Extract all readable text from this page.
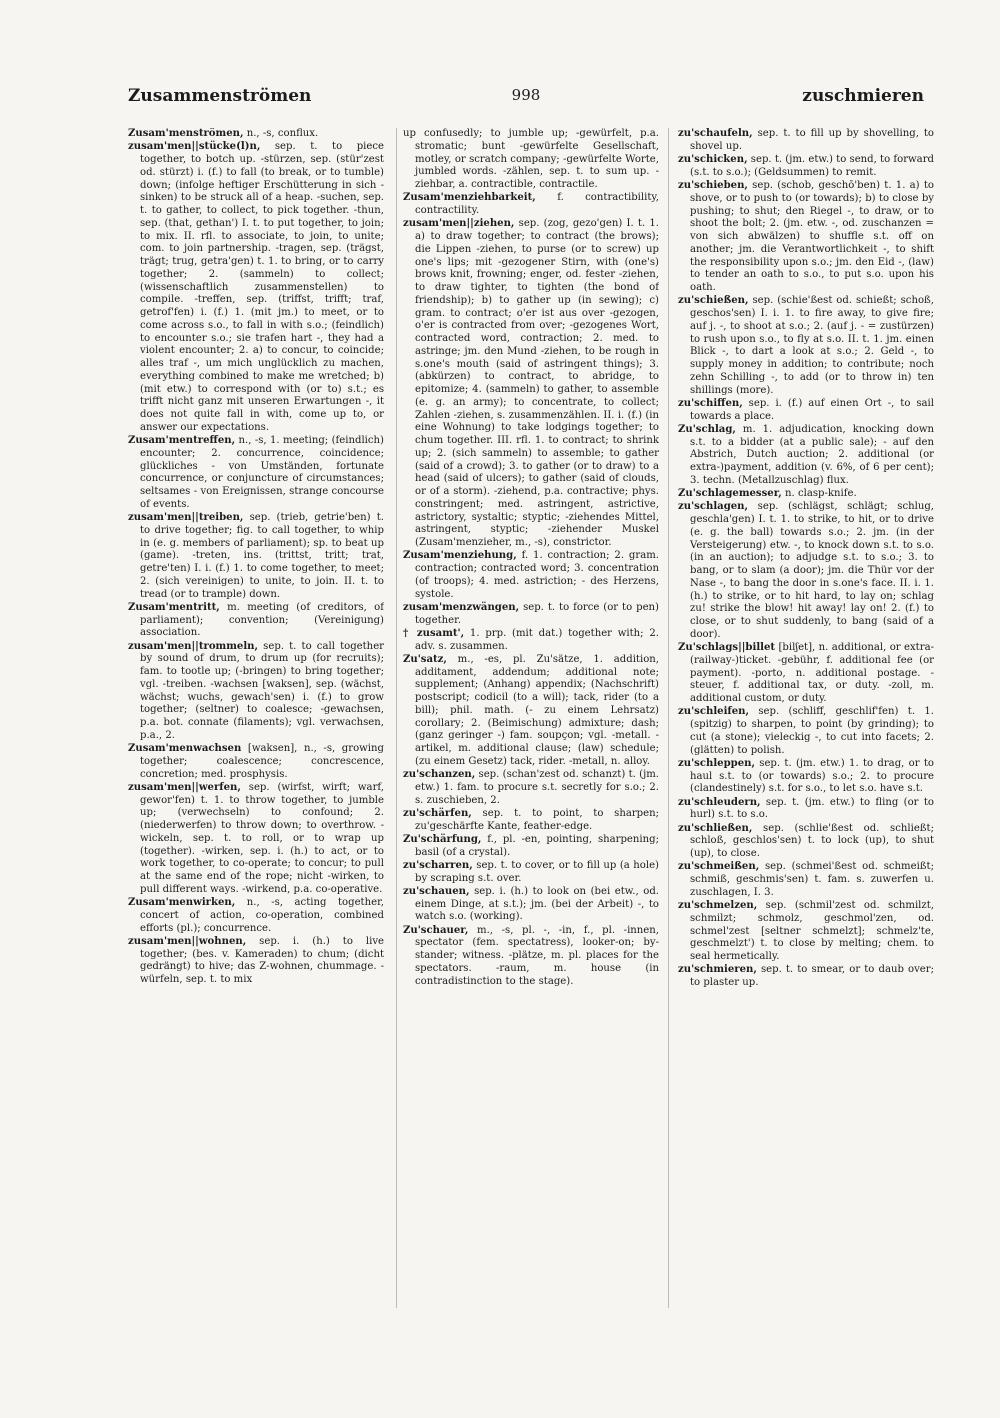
Zusammenströmen	998	zuschmieren

Zusam'menströmen, n., -s, conflux.

zusam'men||stücke(l)n, sep. t. to piece together, to botch up. -stürzen, sep. (stür'zest od. stürzt) i. (f.) to fall (to break, or to tumble) down; (infolge heftiger Erschütterung in sich -sinken) to be struck all of a heap. -suchen, sep. t. to gather, to collect, to pick together. -thun, sep. (that, gethan') I. t. to put together, to join; to mix. II. rfl. to associate, to join, to unite; com. to join partnership. -tragen, sep. (trägst, trägt; trug, getra'gen) t. 1. to bring, or to carry together; 2. (sammeln) to collect; (wissenschaftlich zusammenstellen) to compile. -treffen, sep. (triffst, trifft; traf, getrof'fen) i. (f.) 1. (mit jm.) to meet, or to come across s.o., to fall in with s.o.; (feindlich) to encounter s.o.; sie trafen hart -, they had a violent encounter; 2. a) to concur, to coincide; alles traf -, um mich unglücklich zu machen, everything combined to make me wretched; b) (mit etw.) to correspond with (or to) s.t.; es trifft nicht ganz mit unseren Erwartungen -, it does not quite fall in with, come up to, or answer our expectations.

Zusam'mentreffen, n., -s, 1. meeting; (feindlich) encounter; 2. concurrence, coincidence; glückliches - von Umständen, fortunate concurrence, or conjuncture of circumstances; seltsames - von Ereignissen, strange concourse of events.

zusam'men||treiben, sep. (trieb, getrie'ben) t. to drive together; fig. to call together, to whip in (e. g. members of parliament); sp. to beat up (game). -treten, ins. (trittst, tritt; trat, getre'ten) I. i. (f.) 1. to come together, to meet; 2. (sich vereinigen) to unite, to join. II. t. to tread (or to trample) down.

Zusam'mentritt, m. meeting (of creditors, of parliament); convention; (Vereinigung) association.

zusam'men||trommeln, sep. t. to call together by sound of drum, to drum up (for recruits); fam. to tootle up; (-bringen) to bring together; vgl. -treiben. -wachsen [waksen], sep. (wächst, wächst; wuchs, gewach'sen) i. (f.) to grow together; (seltner) to coalesce; -gewachsen, p.a. bot. connate (filaments); vgl. verwachsen, p.a., 2.

Zusam'menwachsen [waksen], n., -s, growing together; coalescence; concrescence, concretion; med. prosphysis.

zusam'men||werfen, sep. (wirfst, wirft; warf, gewor'fen) t. 1. to throw together, to jumble up; (verwechseln) to confound; 2. (niederwerfen) to throw down; to overthrow. -wickeln, sep. t. to roll, or to wrap up (together). -wirken, sep. i. (h.) to act, or to work together, to co-operate; to concur; to pull at the same end of the rope; nicht -wirken, to pull different ways. -wirkend, p.a. co-operative.

Zusam'menwirken, n., -s, acting together, concert of action, co-operation, combined efforts (pl.); concurrence.

zusam'men||wohnen, sep. i. (h.) to live together; (bes. v. Kameraden) to chum; (dicht gedrängt) to hive; das Z-wohnen, chummage. -würfeln, sep. t. to mix

up confusedly; to jumble up; -gewürfelt, p.a. stromatic; bunt -gewürfelte Gesellschaft, motley, or scratch company; -gewürfelte Worte, jumbled words. -zählen, sep. t. to sum up. -ziehbar, a. contractible, contractile.

Zusam'menziehbarkeit, f. contractibility, contractility.

zusam'men||ziehen, sep. (zog, gezo'gen) I. t. 1. a) to draw together; to contract (the brows); die Lippen -ziehen, to purse (or to screw) up one's lips; mit -gezogener Stirn, with (one's) brows knit, frowning; enger, od. fester -ziehen, to draw tighter, to tighten (the bond of friendship); b) to gather up (in sewing); c) gram. to contract; o'er ist aus over -gezogen, o'er is contracted from over; -gezogenes Wort, contracted word, contraction; 2. med. to astringe; jm. den Mund -ziehen, to be rough in s.one's mouth (said of astringent things); 3. (abkürzen) to contract, to abridge, to epitomize; 4. (sammeln) to gather, to assemble (e. g. an army); to concentrate, to collect; Zahlen -ziehen, s. zusammenzählen. II. i. (f.) (in eine Wohnung) to take lodgings together; to chum together. III. rfl. 1. to contract; to shrink up; 2. (sich sammeln) to assemble; to gather (said of a crowd); 3. to gather (or to draw) to a head (said of ulcers); to gather (said of clouds, or of a storm). -ziehend, p.a. contractive; phys. constringent; med. astringent, astrictive, astrictory, systaltic; styptic; -ziehendes Mittel, astringent, styptic; -ziehender Muskel (Zusam'menzieher, m., -s), constrictor.

Zusam'menziehung, f. 1. contraction; 2. gram. contraction; contracted word; 3. concentration (of troops); 4. med. astriction; - des Herzens, systole.

zusam'menzwängen, sep. t. to force (or to pen) together.

† zusamt', 1. prp. (mit dat.) together with; 2. adv. s. zusammen.

Zu'satz, m., -es, pl. Zu'sätze, 1. addition, additament, addendum; additional note; supplement; (Anhang) appendix; (Nachschrift) postscript; codicil (to a will); tack, rider (to a bill); phil. math. (- zu einem Lehrsatz) corollary; 2. (Beimischung) admixture; dash; (ganz geringer -) fam. soupçon; vgl. -metall. -artikel, m. additional clause; (law) schedule; (zu einem Gesetz) tack, rider. -metall, n. alloy.

zu'schanzen, sep. (schan'zest od. schanzt) t. (jm. etw.) 1. fam. to procure s.t. secretly for s.o.; 2. s. zuschieben, 2.

zu'schärfen, sep. t. to point, to sharpen; zu'geschärfte Kante, feather-edge.

Zu'schärfung, f., pl. -en, pointing, sharpening; basil (of a crystal).

zu'scharren, sep. t. to cover, or to fill up (a hole) by scraping s.t. over.

zu'schauen, sep. i. (h.) to look on (bei etw., od. einem Dinge, at s.t.); jm. (bei der Arbeit) -, to watch s.o. (working).

Zu'schauer, m., -s, pl. -, -in, f., pl. -innen, spectator (fem. spectatress), looker-on; by-stander; witness. -plätze, m. pl. places for the spectators. -raum, m. house (in contradistinction to the stage).

zu'schaufeln, sep. t. to fill up by shovelling, to shovel up.

zu'schicken, sep. t. (jm. etw.) to send, to forward (s.t. to s.o.); (Geldsummen) to remit.

zu'schieben, sep. (schob, geschō'ben) t. 1. a) to shove, or to push to (or towards); b) to close by pushing; to shut; den Riegel -, to draw, or to shoot the bolt; 2. (jm. etw. -, od. zuschanzen = von sich abwälzen) to shuffle s.t. off on another; jm. die Verantwortlichkeit -, to shift the responsibility upon s.o.; jm. den Eid -, (law) to tender an oath to s.o., to put s.o. upon his oath.

zu'schießen, sep. (schie'ßest od. schießt; schoß, geschos'sen) I. i. 1. to fire away, to give fire; auf j. -, to shoot at s.o.; 2. (auf j. - = zustürzen) to rush upon s.o., to fly at s.o. II. t. 1. jm. einen Blick -, to dart a look at s.o.; 2. Geld -, to supply money in addition; to contribute; noch zehn Schilling -, to add (or to throw in) ten shillings (more).

zu'schiffen, sep. i. (f.) auf einen Ort -, to sail towards a place.

Zu'schlag, m. 1. adjudication, knocking down s.t. to a bidder (at a public sale); - auf den Abstrich, Dutch auction; 2. additional (or extra-)payment, addition (v. 6%, of 6 per cent); 3. techn. (Metallzuschlag) flux.

Zu'schlagemesser, n. clasp-knife.

zu'schlagen, sep. (schlägst, schlägt; schlug, geschla'gen) I. t. 1. to strike, to hit, or to drive (e. g. the ball) towards s.o.; 2. jm. (in der Versteigerung) etw. -, to knock down s.t. to s.o. (in an auction); to adjudge s.t. to s.o.; 3. to bang, or to slam (a door); jm. die Thür vor der Nase -, to bang the door in s.one's face. II. i. 1. (h.) to strike, or to hit hard, to lay on; schlag zu! strike the blow! hit away! lay on! 2. (f.) to close, or to shut suddenly, to bang (said of a door).

Zu'schlags||billet [bilʃet], n. additional, or extra-(railway-)ticket. -gebühr, f. additional fee (or payment). -porto, n. additional postage. -steuer, f. additional tax, or duty. -zoll, m. additional custom, or duty.

zu'schleifen, sep. (schliff, geschlif'fen) t. 1. (spitzig) to sharpen, to point (by grinding); to cut (a stone); vieleckig -, to cut into facets; 2. (glätten) to polish.

zu'schleppen, sep. t. (jm. etw.) 1. to drag, or to haul s.t. to (or towards) s.o.; 2. to procure (clandestinely) s.t. for s.o., to let s.o. have s.t.

zu'schleudern, sep. t. (jm. etw.) to fling (or to hurl) s.t. to s.o.

zu'schließen, sep. (schlie'ßest od. schließt; schloß, geschlos'sen) t. to lock (up), to shut (up), to close.

zu'schmeißen, sep. (schmei'ßest od. schmeißt; schmiß, geschmis'sen) t. fam. s. zuwerfen u. zuschlagen, I. 3.

zu'schmelzen, sep. (schmil'zest od. schmilzt, schmilzt; schmolz, geschmol'zen, od. schmel'zest [seltner schmelzt]; schmelz'te, geschmelzt') t. to close by melting; chem. to seal hermetically.

zu'schmieren, sep. t. to smear, or to daub over; to plaster up.
